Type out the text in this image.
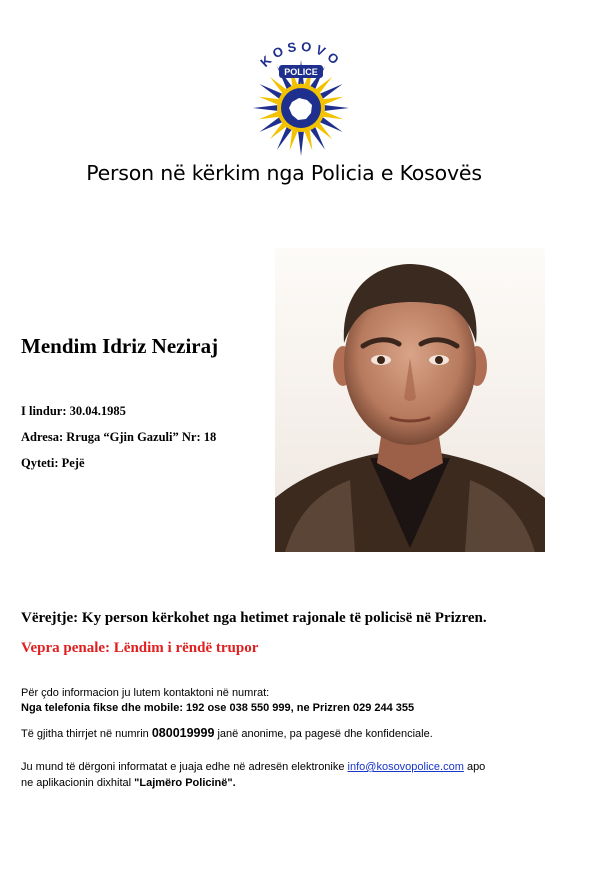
KOSOVO
POLICE
✶
Person në kërkim nga Policia e Kosovës
Mendim Idriz Neziraj
I lindur: 30.04.1985
Adresa: Rruga “Gjin Gazuli” Nr: 18
Qyteti: Pejë
Vërejtje: Ky person kërkohet nga hetimet rajonale të policisë në Prizren.
Vepra penale: Lëndim i rëndë trupor
Për çdo informacion ju lutem kontaktoni në numrat:
Nga telefonia fikse dhe mobile: 192 ose 038 550 999, ne Prizren 029 244 355
Të gjitha thirrjet në numrin 080019999 janë anonime, pa pagesë dhe konfidenciale.
Ju mund të dërgoni informatat e juaja edhe në adresën elektronike info@kosovopolice.com apo
ne aplikacionin dixhital "Lajmëro Policinë".
